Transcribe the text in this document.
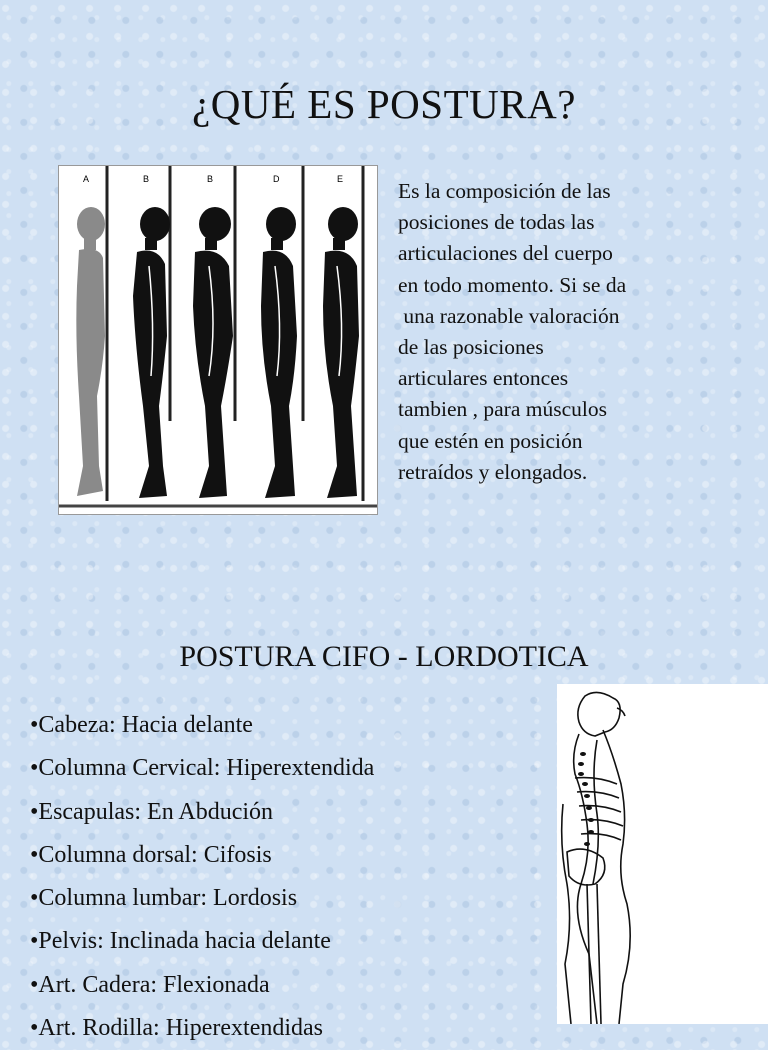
¿QUÉ ES POSTURA?
A	B	B	D	E	Es la composición de las
posiciones de todas las
articulaciones del cuerpo
en todo momento. Si se da
una razonable valoración
de las posiciones
articulares entonces
tambien , para músculos
que estén en posición
retraídos y elongados.
POSTURA CIFO - LORDOTICA
•Cabeza: Hacia delante
•Columna Cervical: Hiperextendida
•Escapulas: En Abdución
•Columna dorsal: Cifosis
•Columna lumbar: Lordosis
•Pelvis: Inclinada hacia delante
•Art. Cadera: Flexionada
•Art. Rodilla: Hiperextendidas
